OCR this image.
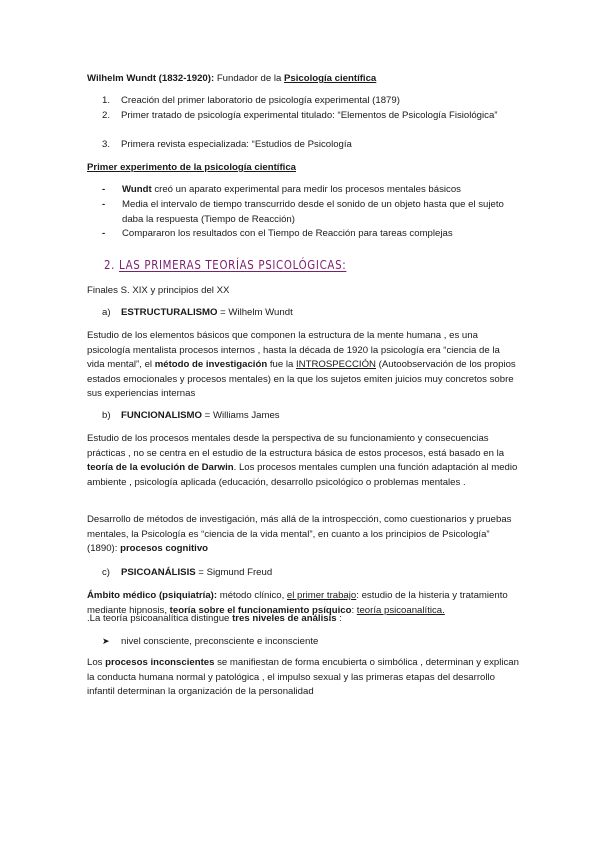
Wilhelm Wundt (1832-1920): Fundador de la Psicología científica
1. Creación del primer laboratorio de psicología experimental (1879)
2. Primer tratado de psicología experimental titulado: “Elementos de Psicología Fisiológica”
3. Primera revista especializada: “Estudios de Psicología
Primer experimento de la psicología científica
- Wundt creó un aparato experimental para medir los procesos mentales básicos
- Media el intervalo de tiempo transcurrido desde el sonido de un objeto hasta que el sujeto daba la respuesta (Tiempo de Reacción)
- Compararon los resultados con el Tiempo de Reacción para tareas complejas
2. LAS PRIMERAS TEORÍAS PSICOLÓGICAS:
Finales S. XIX y principios del XX
a) ESTRUCTURALISMO = Wilhelm Wundt
Estudio de los elementos básicos que componen la estructura de la mente humana , es una psicología mentalista procesos internos , hasta la década de 1920 la psicología era “ciencia de la vida mental”, el método de investigación fue la INTROSPECCIÓN (Autoobservación de los propios estados emocionales y procesos mentales) en la que los sujetos emiten juicios muy concretos sobre sus experiencias internas
b) FUNCIONALISMO = Williams James
Estudio de los procesos mentales desde la perspectiva de su funcionamiento y consecuencias prácticas , no se centra en el estudio de la estructura básica de estos procesos, está basado en la teoría de la evolución de Darwin. Los procesos mentales cumplen una función adaptación al medio ambiente , psicología aplicada (educación, desarrollo psicológico o problemas mentales .
Desarrollo de métodos de investigación, más allá de la introspección, como cuestionarios y pruebas mentales, la Psicología es “ciencia de la vida mental”, en cuanto a los principios de Psicología” (1890): procesos cognitivo
c) PSICOANÁLISIS = Sigmund Freud
Ámbito médico (psiquiatría): método clínico, el primer trabajo: estudio de la histeria y tratamiento mediante hipnosis, teoría sobre el funcionamiento psíquico: teoría psicoanalítica.
.La teoría psicoanalítica distingue tres niveles de análisis :
➤ nivel consciente, preconsciente e inconsciente
Los procesos inconscientes se manifiestan de forma encubierta o simbólica , determinan y explican la conducta humana normal y patológica , el impulso sexual y las primeras etapas del desarrollo infantil determinan la organización de la personalidad
